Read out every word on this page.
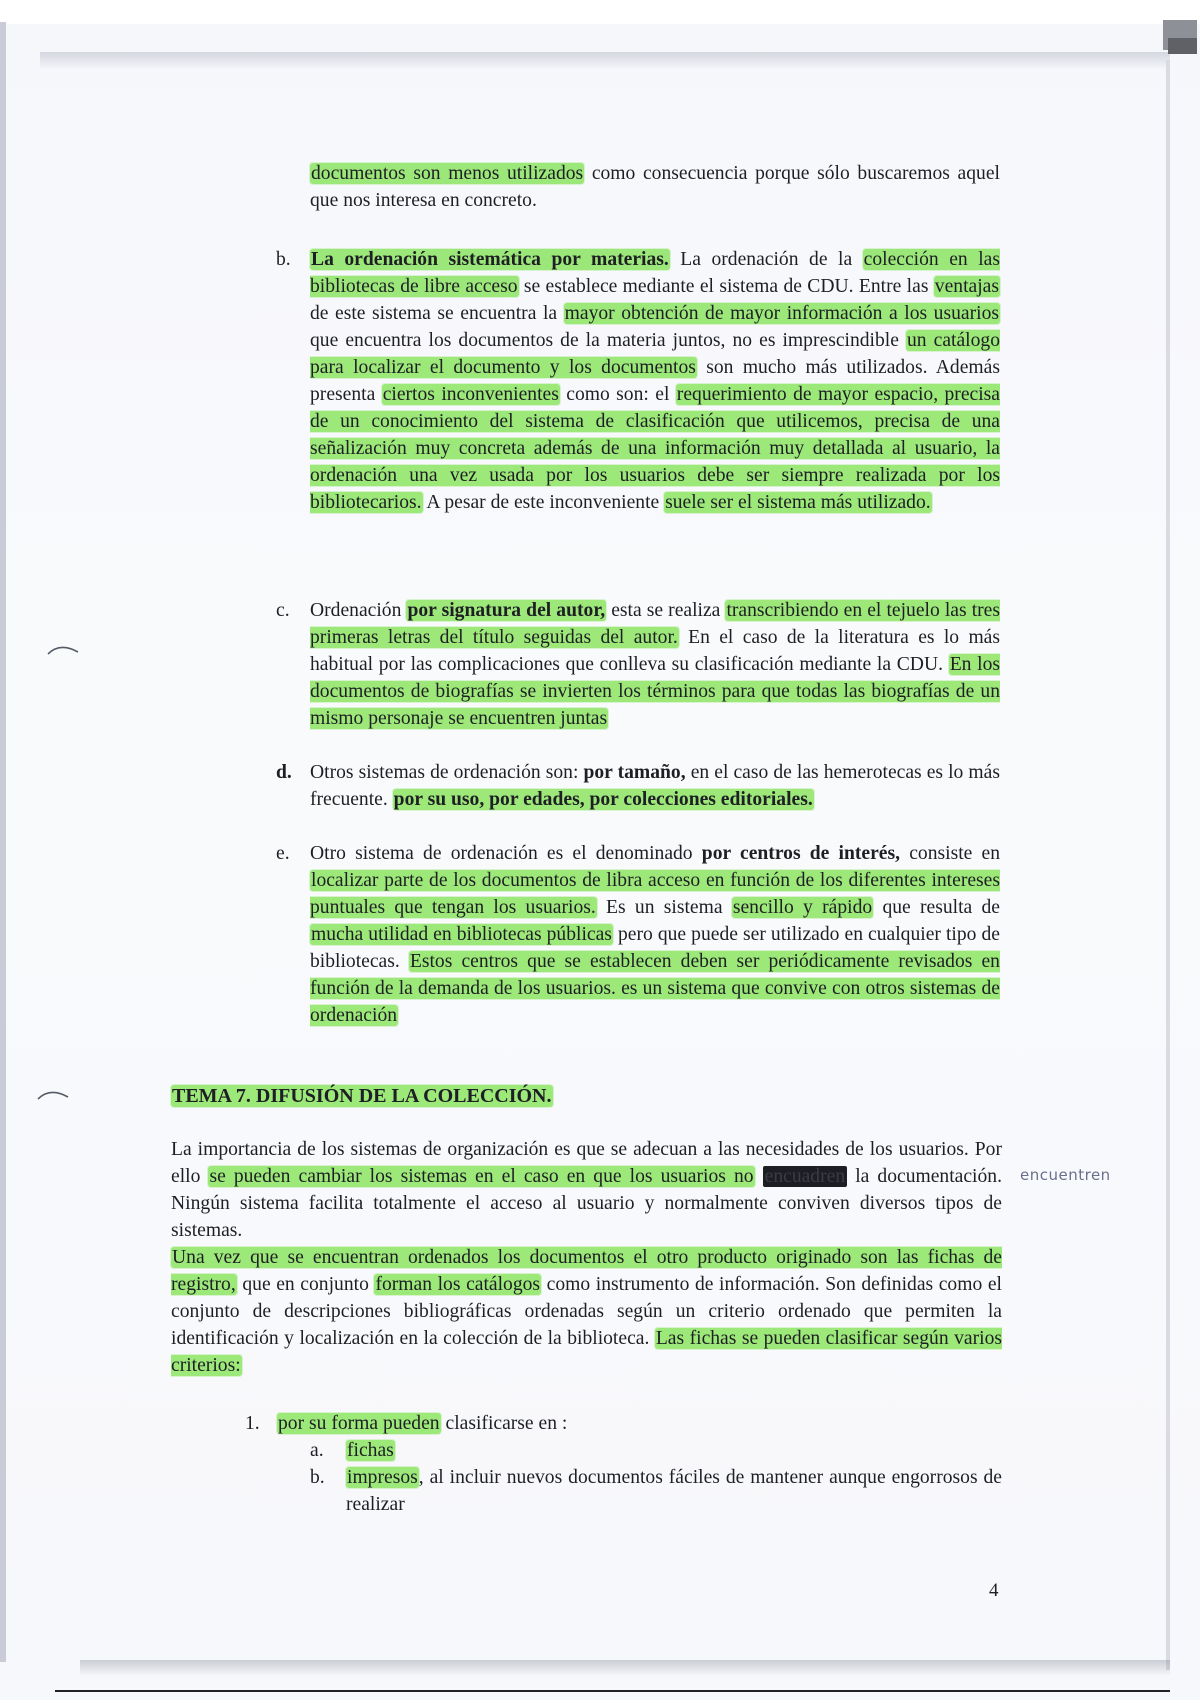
documentos son menos utilizados como consecuencia porque sólo buscaremos aquel que nos interesa en concreto.

b. La ordenación sistemática por materias. La ordenación de la colección en las bibliotecas de libre acceso se establece mediante el sistema de CDU. Entre las ventajas de este sistema se encuentra la mayor obtención de mayor información a los usuarios que encuentra los documentos de la materia juntos, no es imprescindible un catálogo para localizar el documento y los documentos son mucho más utilizados. Además presenta ciertos inconvenientes como son: el requerimiento de mayor espacio, precisa de un conocimiento del sistema de clasificación que utilicemos, precisa de una señalización muy concreta además de una información muy detallada al usuario, la ordenación una vez usada por los usuarios debe ser siempre realizada por los bibliotecarios. A pesar de este inconveniente suele ser el sistema más utilizado.

c. Ordenación por signatura del autor, esta se realiza transcribiendo en el tejuelo las tres primeras letras del título seguidas del autor. En el caso de la literatura es lo más habitual por las complicaciones que conlleva su clasificación mediante la CDU. En los documentos de biografías se invierten los términos para que todas las biografías de un mismo personaje se encuentren juntas

d. Otros sistemas de ordenación son: por tamaño, en el caso de las hemerotecas es lo más frecuente. por su uso, por edades, por colecciones editoriales.

e. Otro sistema de ordenación es el denominado por centros de interés, consiste en localizar parte de los documentos de libra acceso en función de los diferentes intereses puntuales que tengan los usuarios. Es un sistema sencillo y rápido que resulta de mucha utilidad en bibliotecas públicas pero que puede ser utilizado en cualquier tipo de bibliotecas. Estos centros que se establecen deben ser periódicamente revisados en función de la demanda de los usuarios. es un sistema que convive con otros sistemas de ordenación

TEMA 7. DIFUSIÓN DE LA COLECCIÓN.

La importancia de los sistemas de organización es que se adecuan a las necesidades de los usuarios. Por ello se pueden cambiar los sistemas en el caso en que los usuarios no encuadren la documentación. Ningún sistema facilita totalmente el acceso al usuario y normalmente conviven diversos tipos de sistemas.

encuentren

Una vez que se encuentran ordenados los documentos el otro producto originado son las fichas de registro, que en conjunto forman los catálogos como instrumento de información. Son definidas como el conjunto de descripciones bibliográficas ordenadas según un criterio ordenado que permiten la identificación y localización en la colección de la biblioteca. Las fichas se pueden clasificar según varios criterios:

1. por su forma pueden clasificarse en :

a. fichas

b. impresos, al incluir nuevos documentos fáciles de mantener aunque engorrosos de realizar

4
